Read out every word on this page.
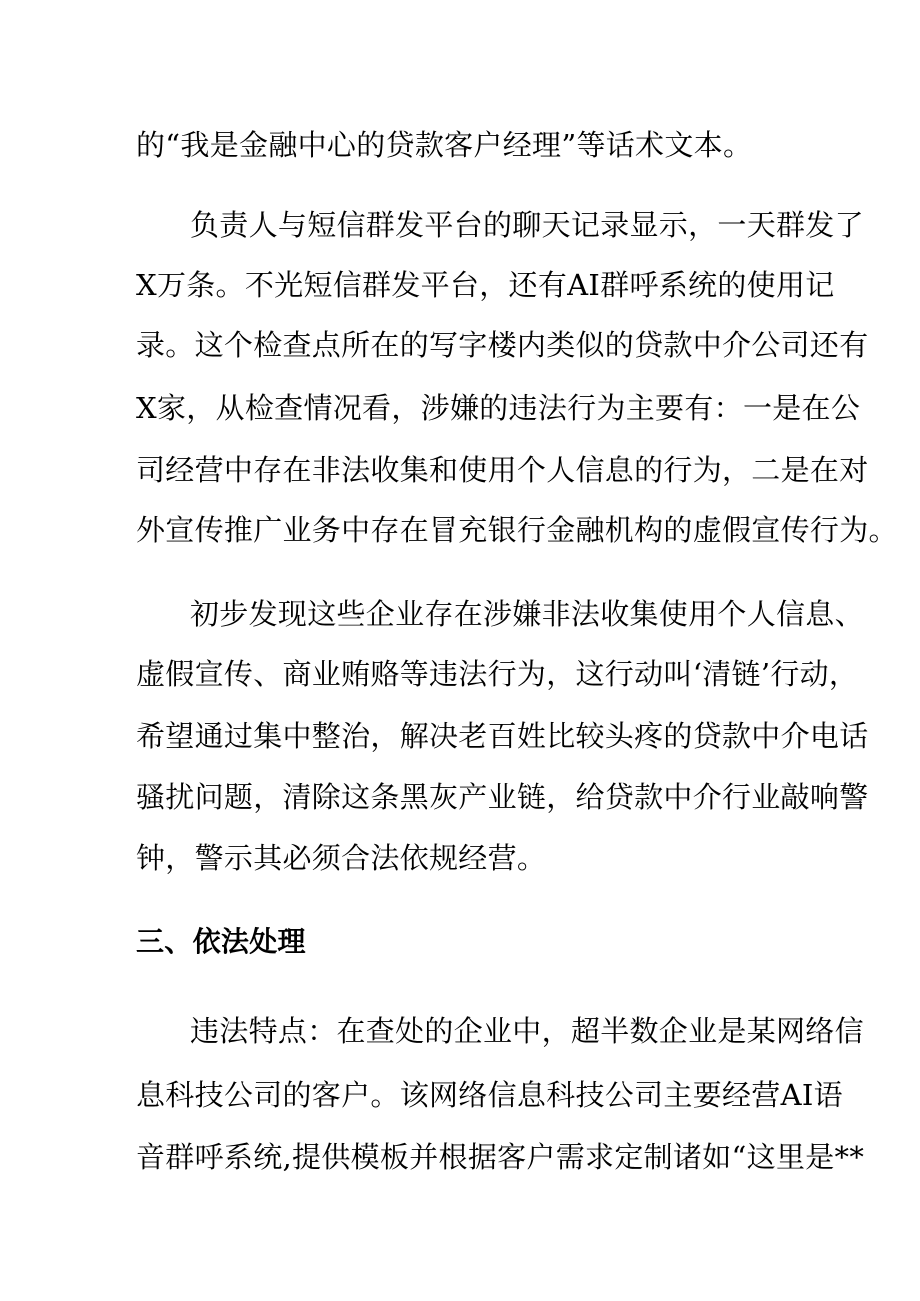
的“我是金融中心的贷款客户经理”等话术文本。
负责人与短信群发平台的聊天记录显示，一天群发了
X万条。不光短信群发平台，还有AI群呼系统的使用记
录。这个检查点所在的写字楼内类似的贷款中介公司还有
X家，从检查情况看，涉嫌的违法行为主要有：一是在公
司经营中存在非法收集和使用个人信息的行为，二是在对
外宣传推广业务中存在冒充银行金融机构的虚假宣传行为。
初步发现这些企业存在涉嫌非法收集使用个人信息、
虚假宣传、商业贿赂等违法行为，这行动叫‘清链’行动，
希望通过集中整治，解决老百姓比较头疼的贷款中介电话
骚扰问题，清除这条黑灰产业链，给贷款中介行业敲响警
钟，警示其必须合法依规经营。
三、依法处理
违法特点：在查处的企业中，超半数企业是某网络信
息科技公司的客户。该网络信息科技公司主要经营AI语
音群呼系统,提供模板并根据客户需求定制诸如“这里是**
